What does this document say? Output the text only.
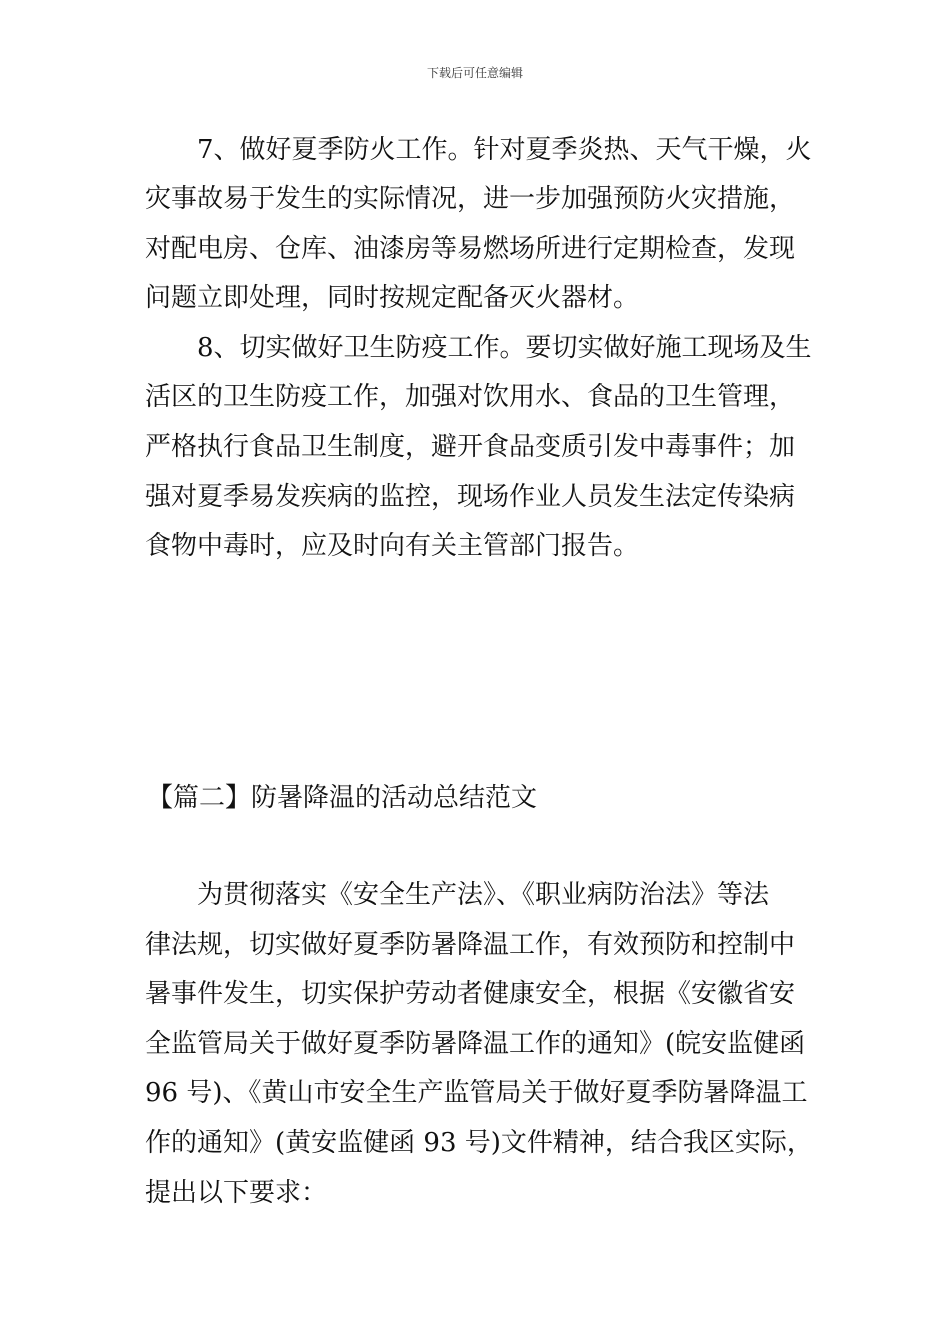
下载后可任意编辑
7、做好夏季防火工作。针对夏季炎热、天气干燥，火
灾事故易于发生的实际情况，进一步加强预防火灾措施，
对配电房、仓库、油漆房等易燃场所进行定期检查，发现
问题立即处理，同时按规定配备灭火器材。
8、切实做好卫生防疫工作。要切实做好施工现场及生
活区的卫生防疫工作，加强对饮用水、食品的卫生管理，
严格执行食品卫生制度，避开食品变质引发中毒事件；加
强对夏季易发疾病的监控，现场作业人员发生法定传染病
食物中毒时，应及时向有关主管部门报告。
【篇二】防暑降温的活动总结范文
为贯彻落实《安全生产法》、《职业病防治法》等法
律法规，切实做好夏季防暑降温工作，有效预防和控制中
暑事件发生，切实保护劳动者健康安全，根据《安徽省安
全监管局关于做好夏季防暑降温工作的通知》(皖安监健函
96 号)、《黄山市安全生产监管局关于做好夏季防暑降温工
作的通知》(黄安监健函 93 号)文件精神，结合我区实际，
提出以下要求：
